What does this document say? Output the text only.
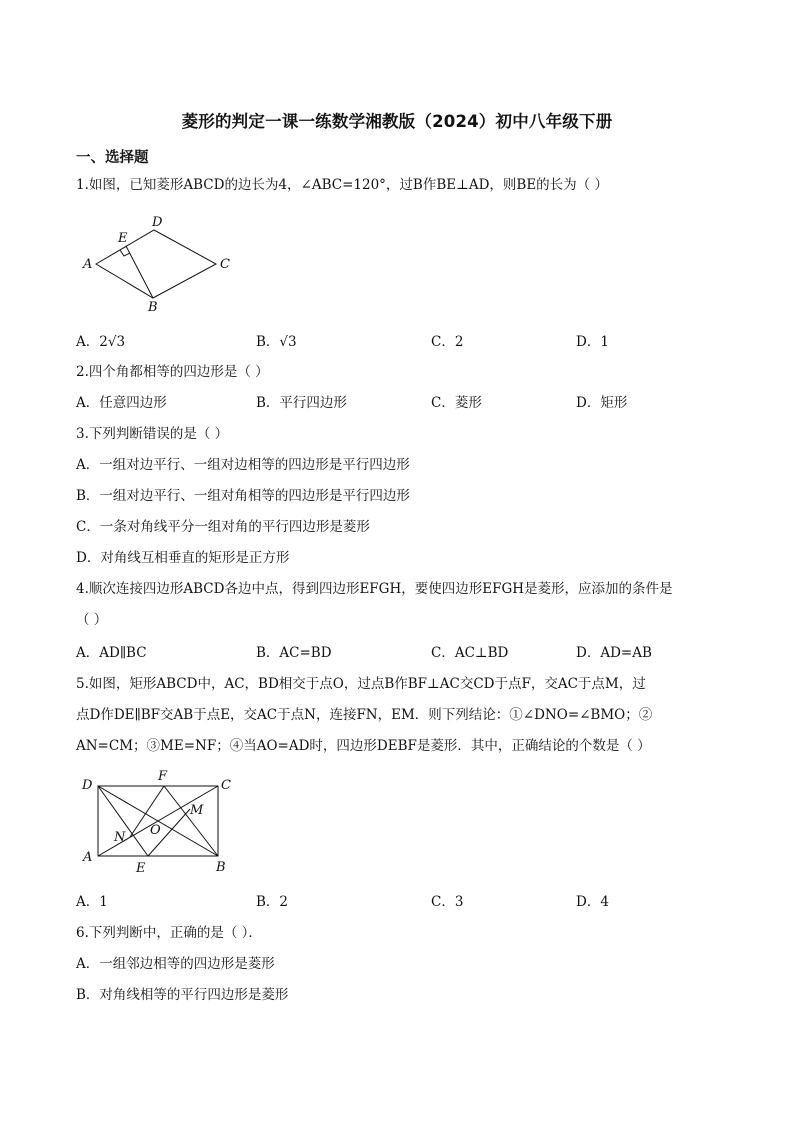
菱形的判定一课一练数学湘教版（2024）初中八年级下册
一、选择题
1.如图，已知菱形ABCD的边长为4，∠ABC=120°，过B作BE⊥AD，则BE的长为（ ）
D
E
A	C
B
A．2√3	B．√3	C．2	D．1
2.四个角都相等的四边形是（ ）
A．任意四边形	B．平行四边形	C．菱形	D．矩形
3.下列判断错误的是（ ）
A．一组对边平行、一组对边相等的四边形是平行四边形
B．一组对边平行、一组对角相等的四边形是平行四边形
C．一条对角线平分一组对角的平行四边形是菱形
D．对角线互相垂直的矩形是正方形
4.顺次连接四边形ABCD各边中点，得到四边形EFGH，要使四边形EFGH是菱形，应添加的条件是
（ ）
A．AD∥BC	B．AC=BD	C．AC⊥BD	D．AD=AB
5.如图，矩形ABCD中，AC，BD相交于点O，过点B作BF⊥AC交CD于点F，交AC于点M，过
点D作DE∥BF交AB于点E，交AC于点N，连接FN，EM．则下列结论：①∠DNO=∠BMO；②
AN=CM；③ME=NF；④当AO=AD时，四边形DEBF是菱形．其中，正确结论的个数是（ ）
D
F
C
M
N O
A
E	B
A．1	B．2	C．3	D．4
6.下列判断中，正确的是（ ）．
A．一组邻边相等的四边形是菱形
B．对角线相等的平行四边形是菱形
